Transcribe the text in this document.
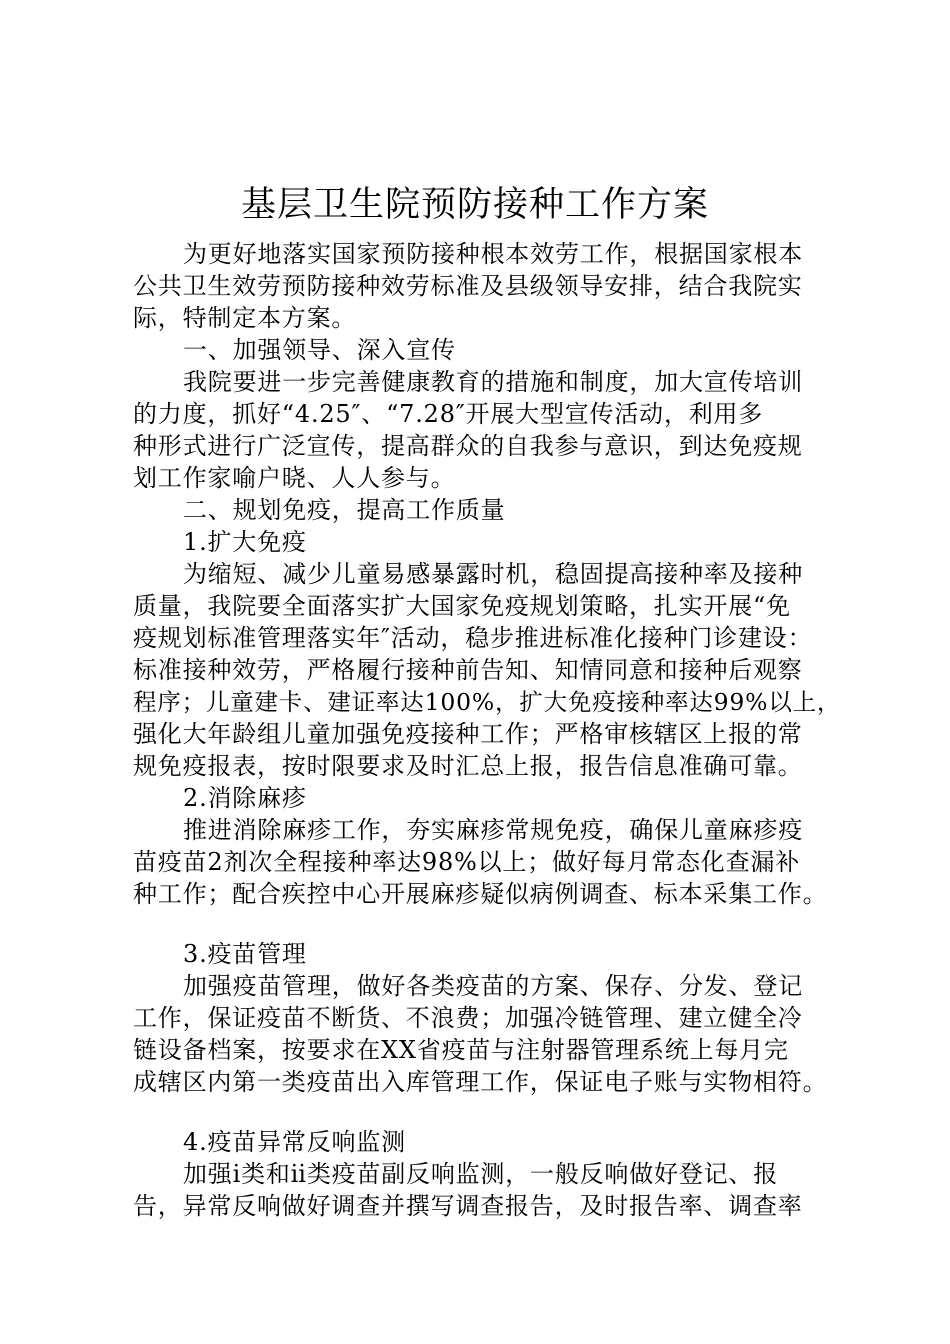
基层卫生院预防接种工作方案
为更好地落实国家预防接种根本效劳工作，根据国家根本
公共卫生效劳预防接种效劳标准及县级领导安排，结合我院实
际，特制定本方案。
一、加强领导、深入宣传
我院要进一步完善健康教育的措施和制度，加大宣传培训
的力度，抓好“4.25″、“7.28″开展大型宣传活动，利用多
种形式进行广泛宣传，提高群众的自我参与意识，到达免疫规
划工作家喻户晓、人人参与。
二、规划免疫，提高工作质量
1.扩大免疫
为缩短、减少儿童易感暴露时机，稳固提高接种率及接种
质量，我院要全面落实扩大国家免疫规划策略，扎实开展“免
疫规划标准管理落实年″活动，稳步推进标准化接种门诊建设：
标准接种效劳，严格履行接种前告知、知情同意和接种后观察
程序；儿童建卡、建证率达100%，扩大免疫接种率达99%以上，
强化大年龄组儿童加强免疫接种工作；严格审核辖区上报的常
规免疫报表，按时限要求及时汇总上报，报告信息准确可靠。
2.消除麻疹
推进消除麻疹工作，夯实麻疹常规免疫，确保儿童麻疹疫
苗疫苗2剂次全程接种率达98%以上；做好每月常态化查漏补
种工作；配合疾控中心开展麻疹疑似病例调查、标本采集工作。
3.疫苗管理
加强疫苗管理，做好各类疫苗的方案、保存、分发、登记
工作，保证疫苗不断货、不浪费；加强冷链管理、建立健全冷
链设备档案，按要求在XX省疫苗与注射器管理系统上每月完
成辖区内第一类疫苗出入库管理工作，保证电子账与实物相符。
4.疫苗异常反响监测
加强ⅰ类和ⅱ类疫苗副反响监测，一般反响做好登记、报
告，异常反响做好调查并撰写调查报告，及时报告率、调查率
